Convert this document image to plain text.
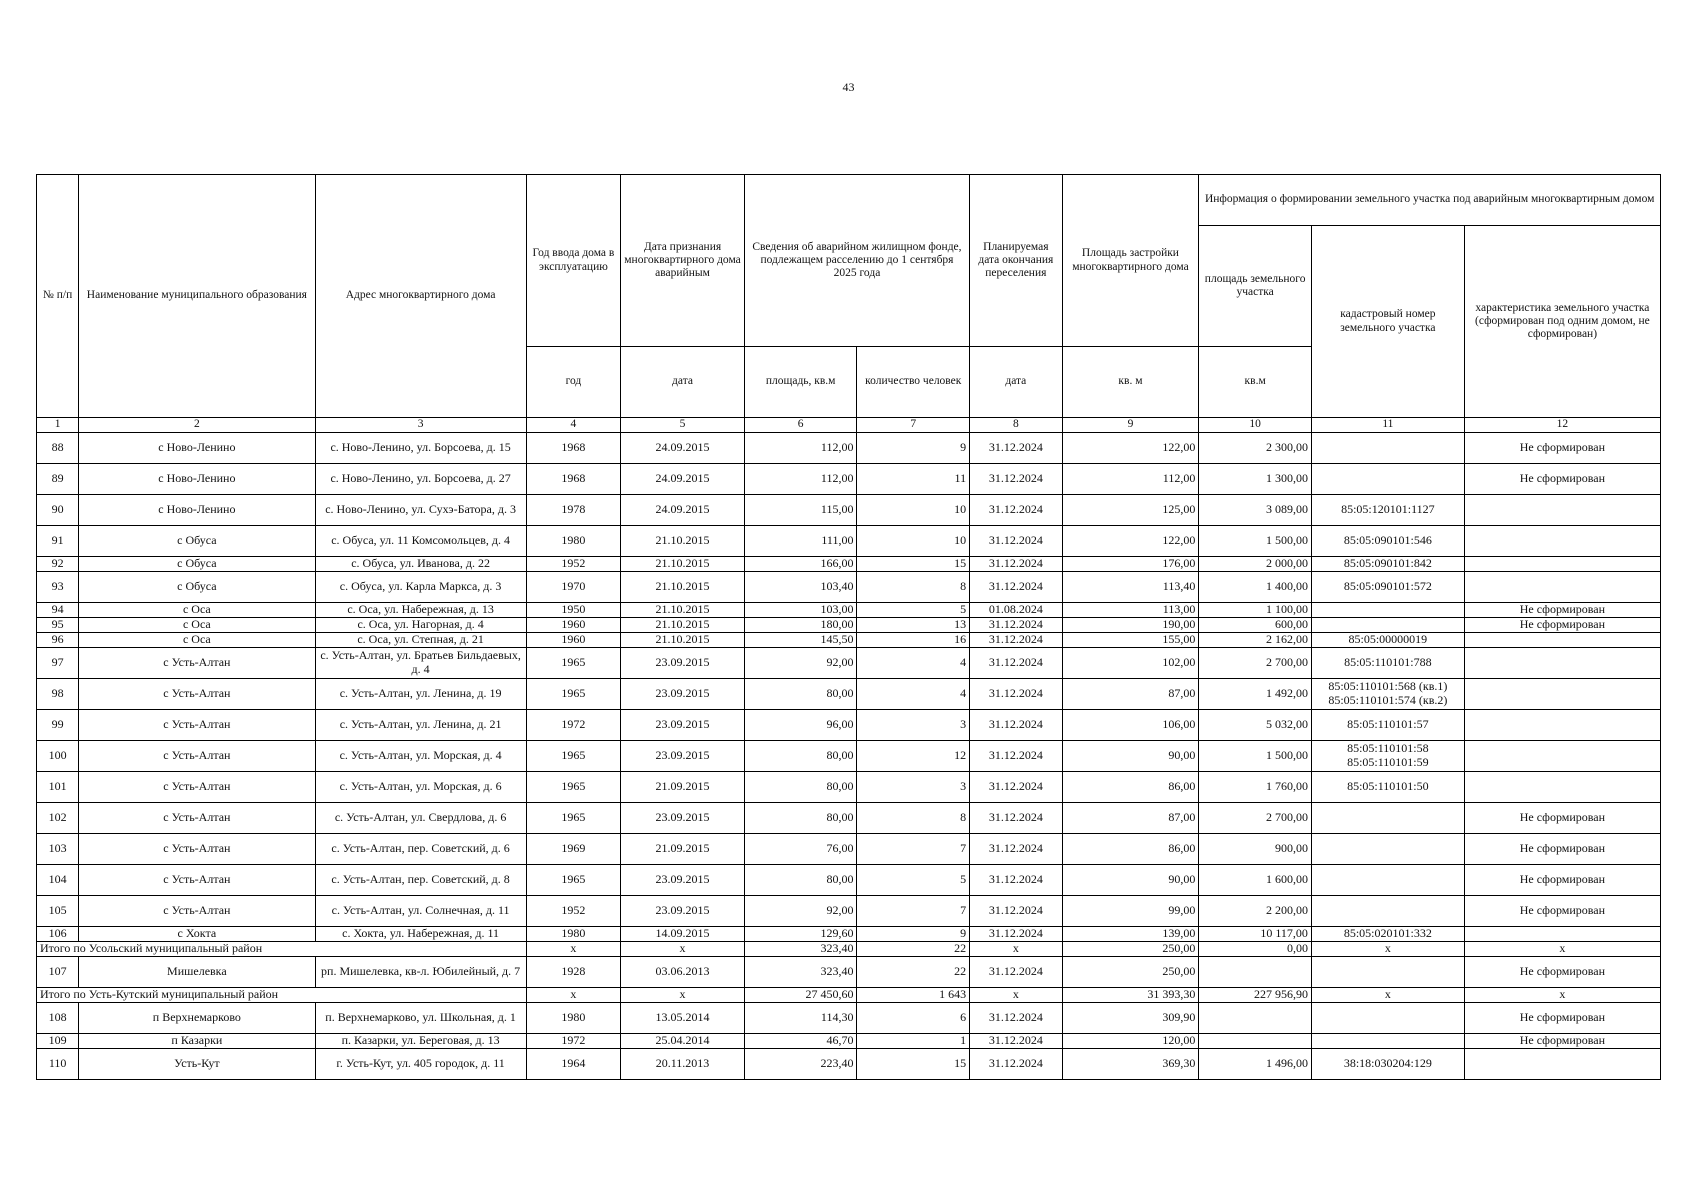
43
№ п/п	Наименование муниципального образования	Адрес многоквартирного дома	Год ввода дома в эксплуатацию	Дата признания многоквартирного дома аварийным	Сведения об аварийном жилищном фонде, подлежащем расселению до 1 сентября 2025 года		Планируемая дата окончания переселения	Площадь застройки многоквартирного дома	Информация о формировании земельного участка под аварийным многоквартирным домом		
									площадь земельного участка	кадастровый номер земельного участка	характеристика земельного участка (сформирован под одним домом, не сформирован)
			год	дата	площадь, кв.м	количество человек	дата	кв. м	кв.м		
1	2	3	4	5	6	7	8	9	10	11	12
88	с Ново-Ленино	с. Ново-Ленино, ул. Борсоева, д. 15	1968	24.09.2015	112,00	9	31.12.2024	122,00	2 300,00		Не сформирован
89	с Ново-Ленино	с. Ново-Ленино, ул. Борсоева, д. 27	1968	24.09.2015	112,00	11	31.12.2024	112,00	1 300,00		Не сформирован
90	с Ново-Ленино	с. Ново-Ленино, ул. Сухэ-Батора, д. 3	1978	24.09.2015	115,00	10	31.12.2024	125,00	3 089,00	85:05:120101:1127	
91	с Обуса	с. Обуса, ул. 11 Комсомольцев, д. 4	1980	21.10.2015	111,00	10	31.12.2024	122,00	1 500,00	85:05:090101:546	
92	с Обуса	с. Обуса, ул. Иванова, д. 22	1952	21.10.2015	166,00	15	31.12.2024	176,00	2 000,00	85:05:090101:842	
93	с Обуса	с. Обуса, ул. Карла Маркса, д. 3	1970	21.10.2015	103,40	8	31.12.2024	113,40	1 400,00	85:05:090101:572	
94	с Оса	с. Оса, ул. Набережная, д. 13	1950	21.10.2015	103,00	5	01.08.2024	113,00	1 100,00		Не сформирован
95	с Оса	с. Оса, ул. Нагорная, д. 4	1960	21.10.2015	180,00	13	31.12.2024	190,00	600,00		Не сформирован
96	с Оса	с. Оса, ул. Степная, д. 21	1960	21.10.2015	145,50	16	31.12.2024	155,00	2 162,00	85:05:00000019	
97	с Усть-Алтан	с. Усть-Алтан, ул. Братьев Бильдаевых, д. 4	1965	23.09.2015	92,00	4	31.12.2024	102,00	2 700,00	85:05:110101:788	
98	с Усть-Алтан	с. Усть-Алтан, ул. Ленина, д. 19	1965	23.09.2015	80,00	4	31.12.2024	87,00	1 492,00	85:05:110101:568 (кв.1) 85:05:110101:574 (кв.2)	
99	с Усть-Алтан	с. Усть-Алтан, ул. Ленина, д. 21	1972	23.09.2015	96,00	3	31.12.2024	106,00	5 032,00	85:05:110101:57	
100	с Усть-Алтан	с. Усть-Алтан, ул. Морская, д. 4	1965	23.09.2015	80,00	12	31.12.2024	90,00	1 500,00	85:05:110101:58 85:05:110101:59	
101	с Усть-Алтан	с. Усть-Алтан, ул. Морская, д. 6	1965	21.09.2015	80,00	3	31.12.2024	86,00	1 760,00	85:05:110101:50	
102	с Усть-Алтан	с. Усть-Алтан, ул. Свердлова, д. 6	1965	23.09.2015	80,00	8	31.12.2024	87,00	2 700,00		Не сформирован
103	с Усть-Алтан	с. Усть-Алтан, пер. Советский, д. 6	1969	21.09.2015	76,00	7	31.12.2024	86,00	900,00		Не сформирован
104	с Усть-Алтан	с. Усть-Алтан, пер. Советский, д. 8	1965	23.09.2015	80,00	5	31.12.2024	90,00	1 600,00		Не сформирован
105	с Усть-Алтан	с. Усть-Алтан, ул. Солнечная, д. 11	1952	23.09.2015	92,00	7	31.12.2024	99,00	2 200,00		Не сформирован
106	с Хокта	с. Хокта, ул. Набережная, д. 11	1980	14.09.2015	129,60	9	31.12.2024	139,00	10 117,00	85:05:020101:332	
Итого по Усольский муниципальный район			x	x	323,40	22	x	250,00	0,00	x	x
107	Мишелевка	рп. Мишелевка, кв-л. Юбилейный, д. 7	1928	03.06.2013	323,40	22	31.12.2024	250,00			Не сформирован
Итого по Усть-Кутский муниципальный район			x	x	27 450,60	1 643	x	31 393,30	227 956,90	x	x
108	п Верхнемарково	п. Верхнемарково, ул. Школьная, д. 1	1980	13.05.2014	114,30	6	31.12.2024	309,90			Не сформирован
109	п Казарки	п. Казарки, ул. Береговая, д. 13	1972	25.04.2014	46,70	1	31.12.2024	120,00			Не сформирован
110	Усть-Кут	г. Усть-Кут, ул. 405 городок, д. 11	1964	20.11.2013	223,40	15	31.12.2024	369,30	1 496,00	38:18:030204:129	
